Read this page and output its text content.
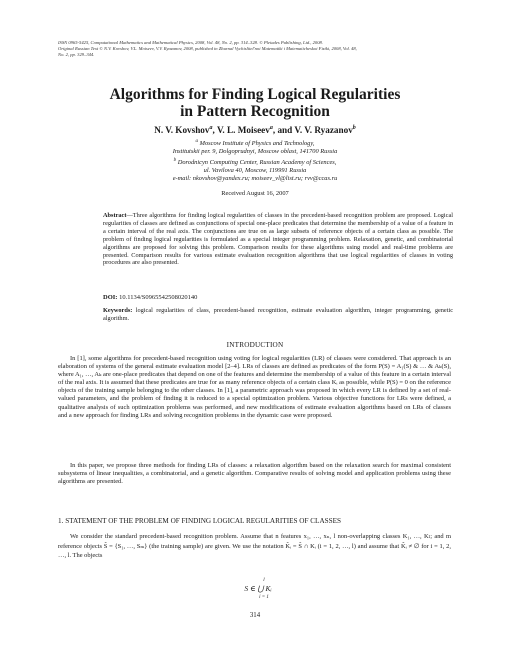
ISSN 0965-5425, Computational Mathematics and Mathematical Physics, 2008, Vol. 48, No. 2, pp. 314–328. © Pleiades Publishing, Ltd., 2008.
Original Russian Text © N.V. Kovshov, V.L. Moiseev, V.V. Ryazanov, 2008, published in Zhurnal Vychislitel'noi Matematiki i Matematicheskoi Fiziki, 2008, Vol. 48,
No. 2, pp. 329–344.
Algorithms for Finding Logical Regularities
in Pattern Recognition
N. V. Kovshov$^a$, V. L. Moiseev$^a$, and V. V. Ryazanov$^b$
$^a$ Moscow Institute of Physics and Technology,
Institutskii per. 9, Dolgoprudnyi, Moscow oblast, 141700 Russia
$^b$ Dorodnicyn Computing Center, Russian Academy of Sciences,
ul. Vavilova 40, Moscow, 119991 Russia
e-mail: nkovshov@yandex.ru; moiseev_vl@list.ru; rvv@ccas.ru
Received August 16, 2007
Abstract—Three algorithms for finding logical regularities of classes in the precedent-based recognition problem are proposed. Logical regularities of classes are defined as conjunctions of special one-place predicates that determine the membership of a value of a feature in a certain interval of the real axis. The conjunctions are true on as large subsets of reference objects of a certain class as possible. The problem of finding logical regularities is formulated as a special integer programming problem. Relaxation, genetic, and combinatorial algorithms are proposed for solving this problem. Comparison results for these algorithms using model and real-time problems are presented. Comparison results for various estimate evaluation recognition algorithms that use logical regularities of classes in voting procedures are also presented.
DOI: 10.1134/S0965542508020140
Keywords: logical regularities of class, precedent-based recognition, estimate evaluation algorithm, integer programming, genetic algorithm.
INTRODUCTION
In [1], some algorithms for precedent-based recognition using voting for logical regularities (LR) of classes were considered. That approach is an elaboration of systems of the general estimate evaluation model [2–4]. LRs of classes are defined as predicates of the form P(S) = A₁(S) & … & Aₖ(S), where A₁, …, Aₖ are one-place predicates that depend on one of the features and determine the membership of a value of this feature in a certain interval of the real axis. It is assumed that these predicates are true for as many reference objects of a certain class Kᵢ as possible, while P(S) = 0 on the reference objects of the training sample belonging to the other classes. In [1], a parametric approach was proposed in which every LR is defined by a set of real-valued parameters, and the problem of finding it is reduced to a special optimization problem. Various objective functions for LRs were defined, a qualitative analysis of such optimization problems was performed, and new modifications of estimate evaluation algorithms based on LRs of classes and a new approach for finding LRs and solving recognition problems in the dynamic case were proposed.
In this paper, we propose three methods for finding LRs of classes: a relaxation algorithm based on the relaxation search for maximal consistent subsystems of linear inequalities, a combinatorial, and a genetic algorithm. Comparative results of solving model and application problems using these algorithms are presented.
1. STATEMENT OF THE PROBLEM OF FINDING LOGICAL REGULARITIES OF CLASSES
We consider the standard precedent-based recognition problem. Assume that n features x₁, …, xₙ, l non-overlapping classes K₁, …, Kₗ; and m reference objects S̃ = {S₁, …, Sₘ} (the training sample) are given. We use the notation K̃ᵢ = S̃ ∩ Kᵢ (i = 1, 2, …, l) and assume that K̃ᵢ ≠ ∅ for i = 1, 2, …, l. The objects
l
S ∈ ⋃ Kᵢ
i = 1
314
